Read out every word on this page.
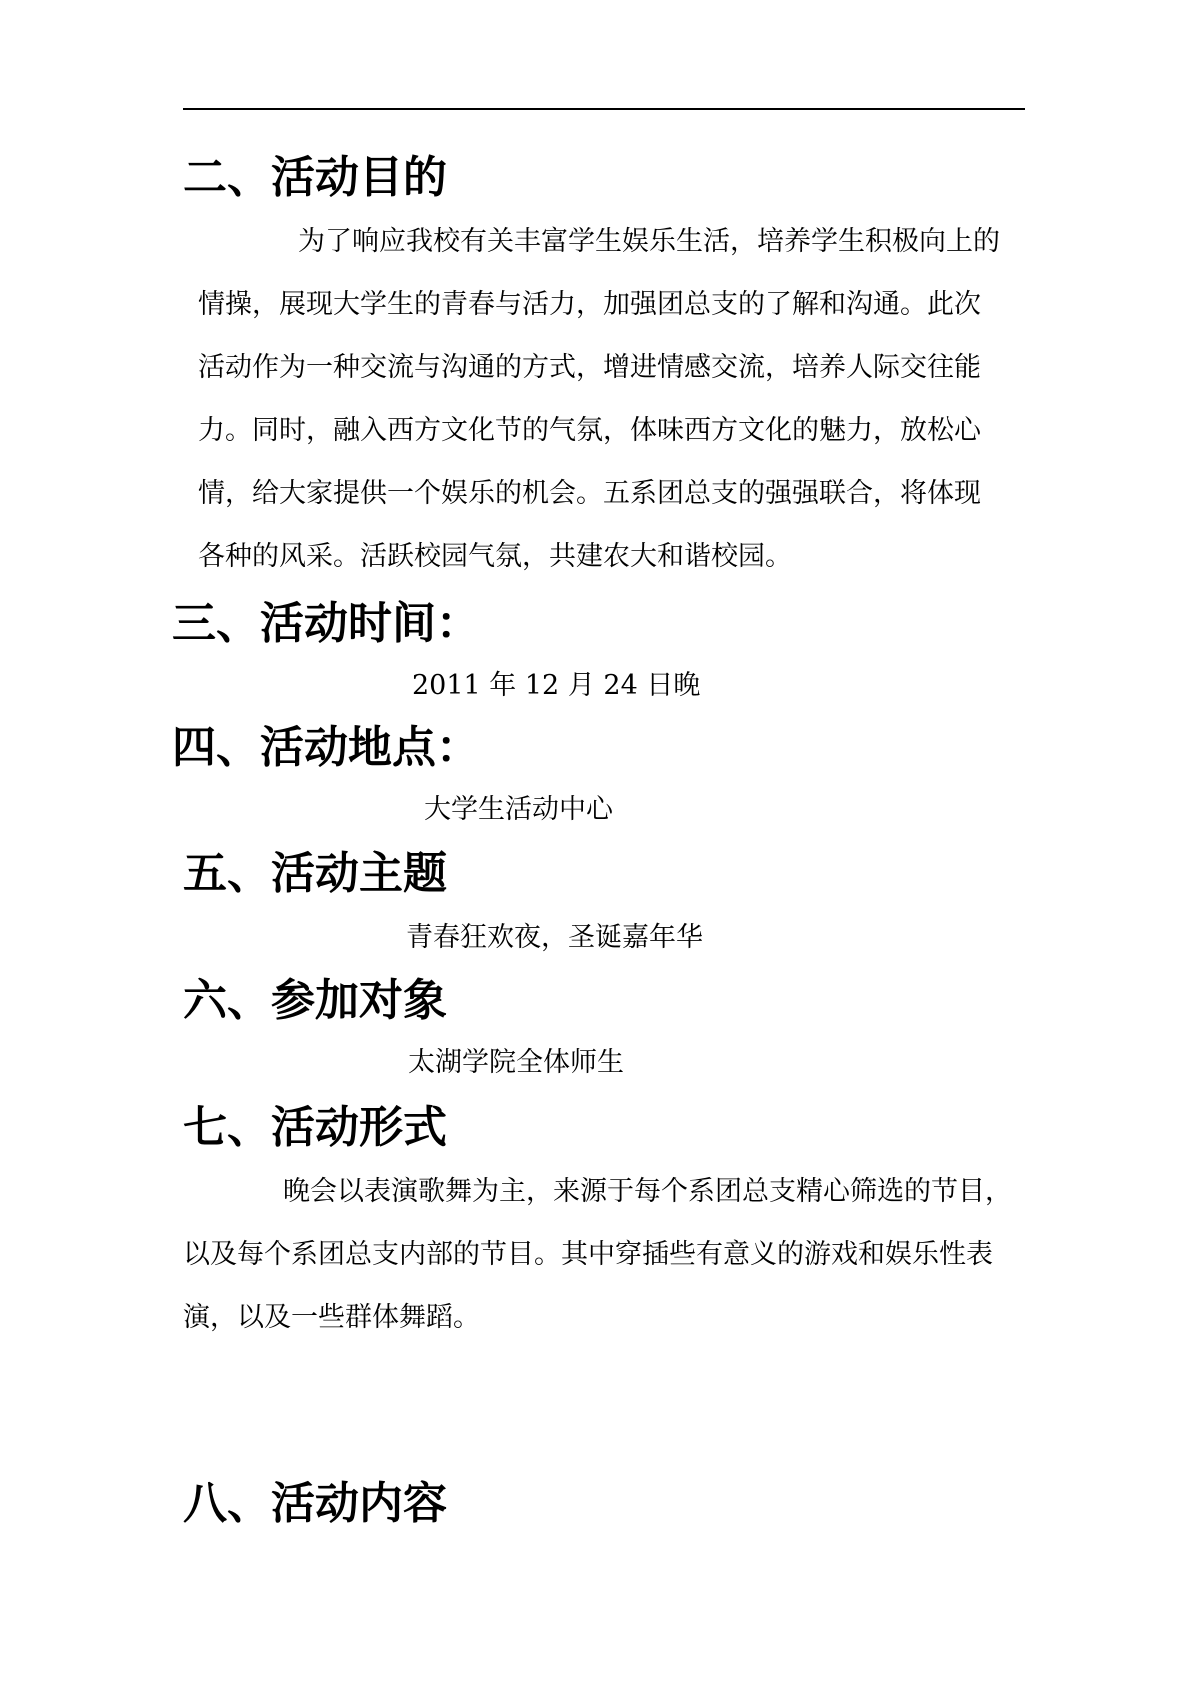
二、活动目的
为了响应我校有关丰富学生娱乐生活，培养学生积极向上的
情操，展现大学生的青春与活力，加强团总支的了解和沟通。此次
活动作为一种交流与沟通的方式，增进情感交流，培养人际交往能
力。同时，融入西方文化节的气氛，体味西方文化的魅力，放松心
情，给大家提供一个娱乐的机会。五系团总支的强强联合，将体现
各种的风采。活跃校园气氛，共建农大和谐校园。
三、活动时间：

2011 年 12 月 24 日晚

四、活动地点：

大学生活动中心

五、活动主题

青春狂欢夜，圣诞嘉年华

六、参加对象

太湖学院全体师生

七、活动形式
晚会以表演歌舞为主，来源于每个系团总支精心筛选的节目，
以及每个系团总支内部的节目。其中穿插些有意义的游戏和娱乐性表
演，以及一些群体舞蹈。
八、活动内容
